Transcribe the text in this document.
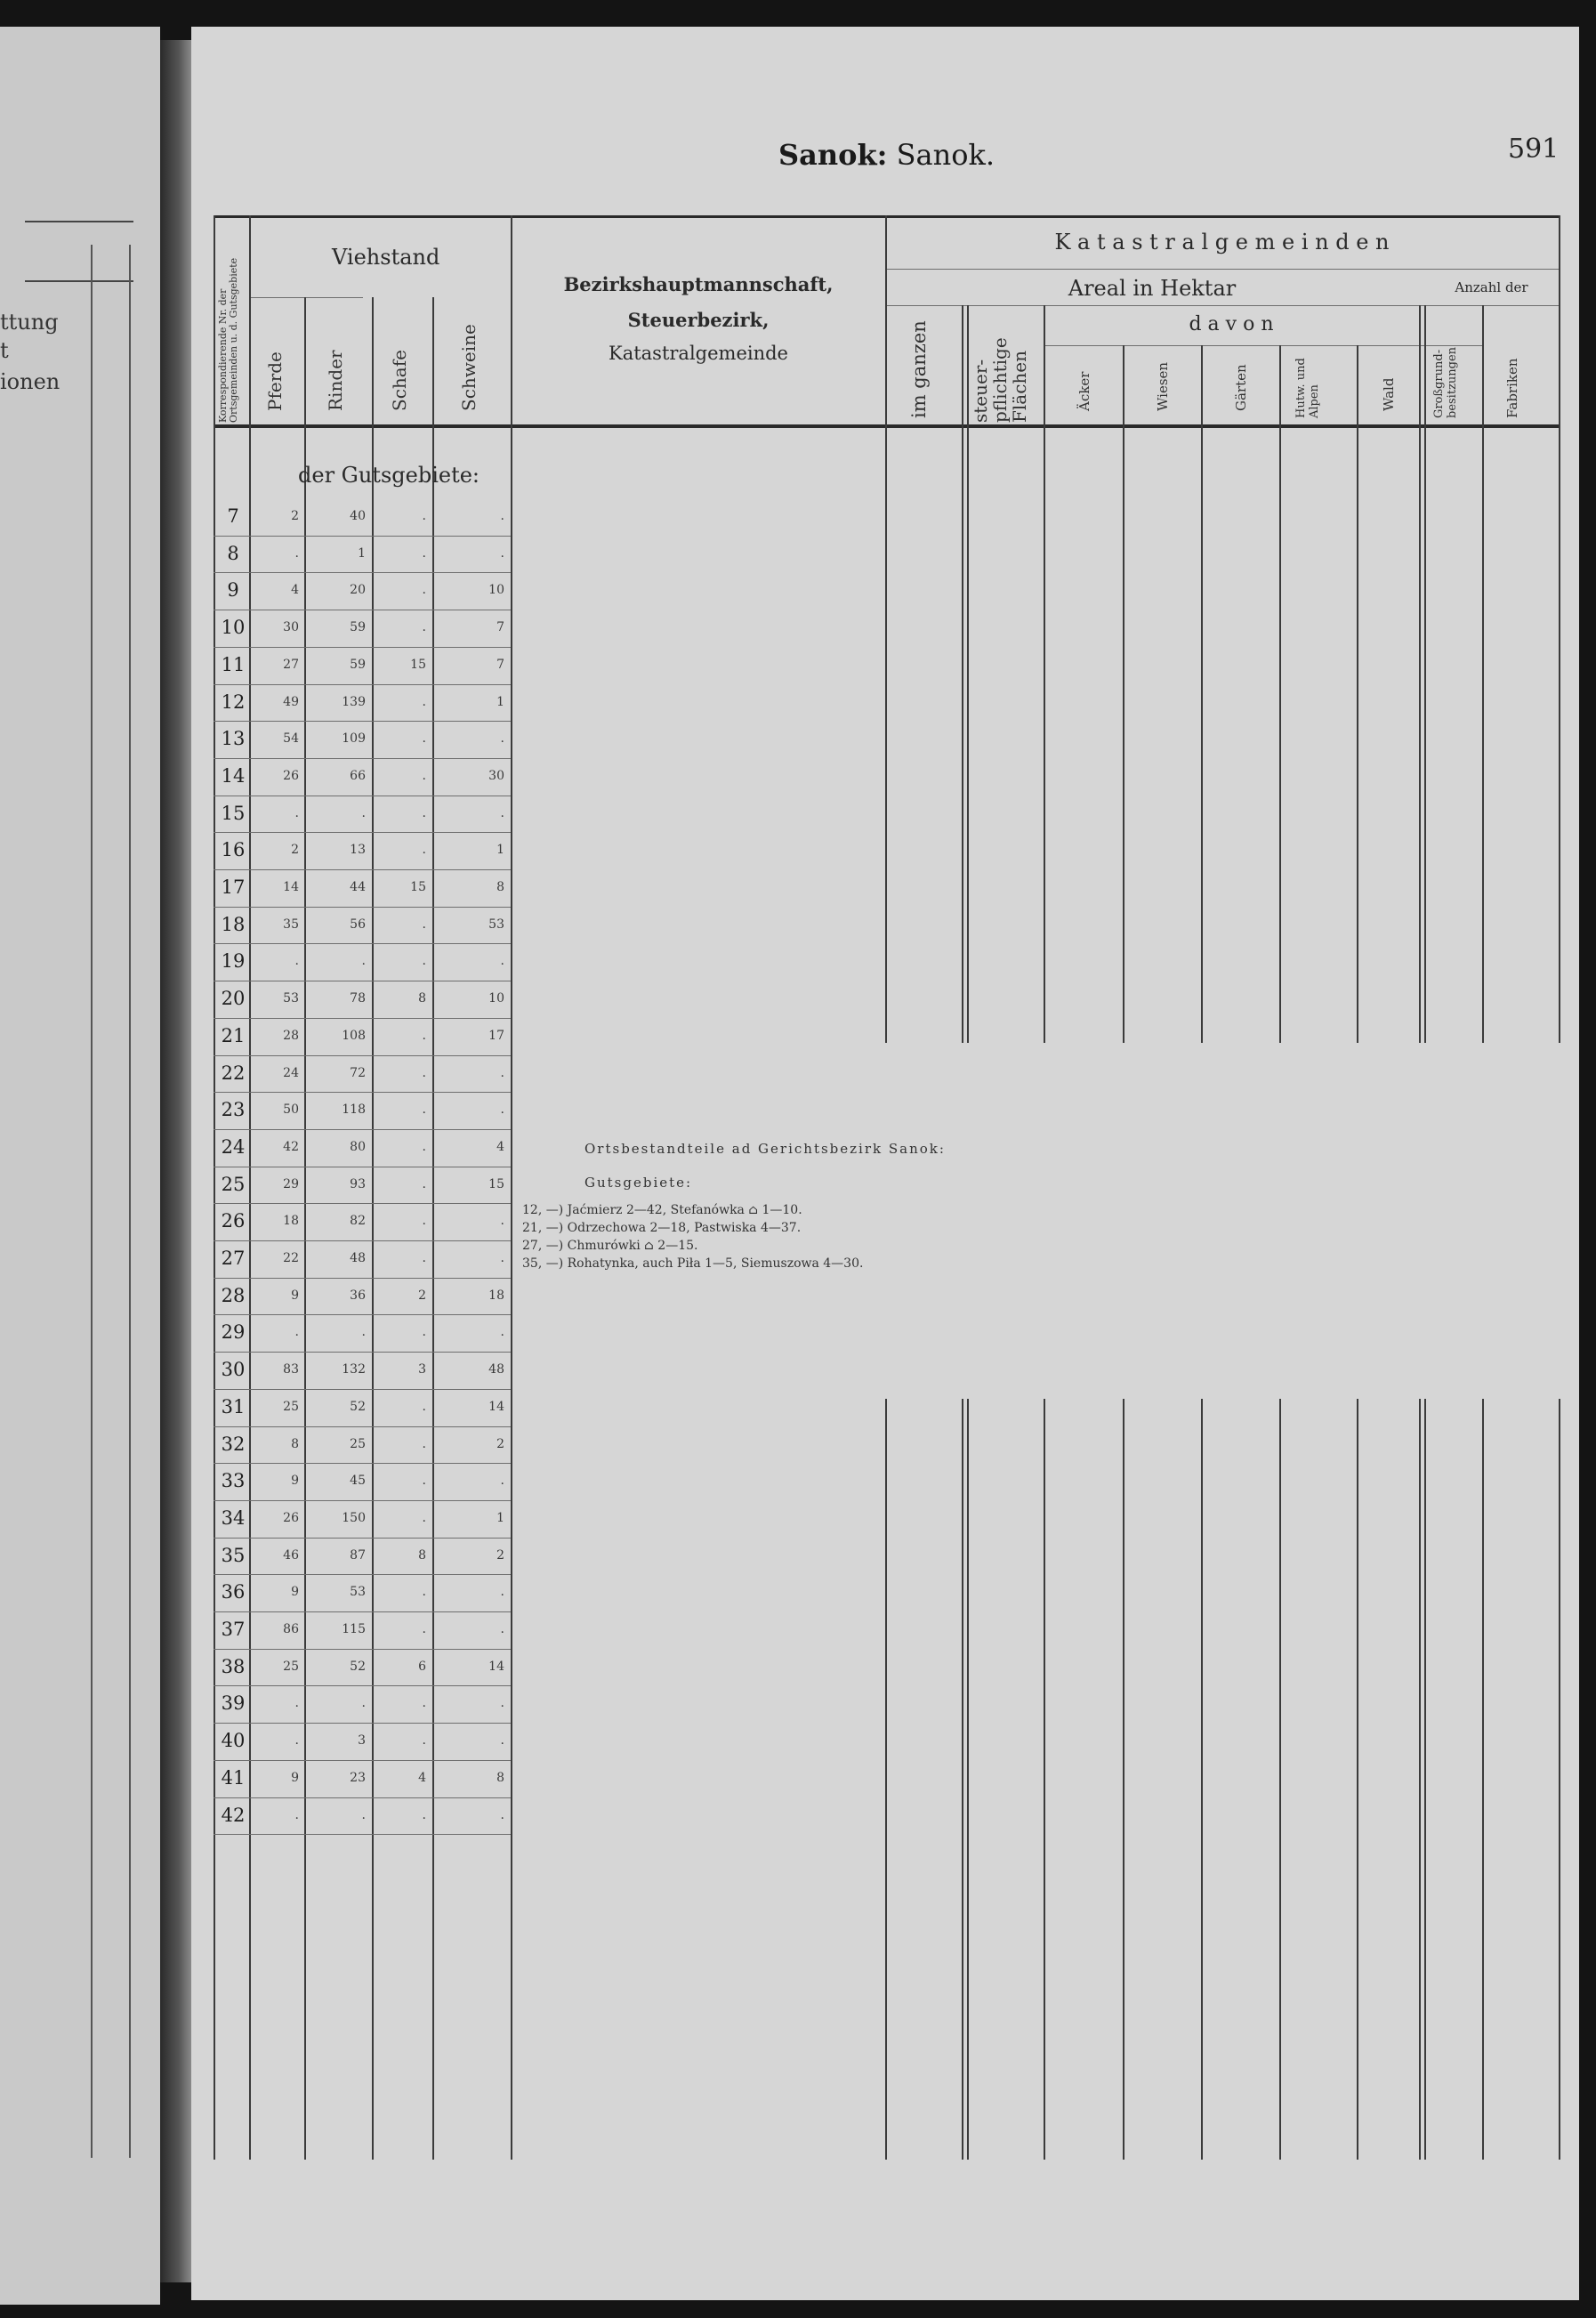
ttung
t
ionen
Sanok: Sanok.	591
Korrespondierende Nr. der Ortsgemeinden u. d. Gutsgebiete
Viehstand
Pferde Rinder Schafe	Schweine
Bezirkshauptmannschaft,
Steuerbezirk,
Katastralgemeinde
K a t a s t r a l g e m e i n d e n
Areal in Hektar	Anzahl der
d a v o n
im ganzen steuer-pflichtige Flächen	Äcker	Wiesen	Gärten	Hutw. und Alpen	Wald	Großgrund-besitzungen	Fabriken
der Gutsgebiete:
7	2	40	.	.
8	.	1	.	.
9	4	20	.	10
10	30	59	.	7
11	27	59	15	7
12	49	139	.	1
13	54	109	.	.
14	26	66	.	30
15	.	.	.	.
16	2	13	.	1
17	14	44	15	8
18	35	56	.	53
19	.	.	.	.
20	53	78	8	10
21	28	108	.	17
22	24	72	.	.
23	50	118	.	.
24	42	80	.	4
25	29	93	.	15
26	18	82	.	.
27	22	48	.	.
28	9	36	2	18
29	.	.	.	.
30	83	132	3	48
31	25	52	.	14
32	8	25	.	2
33	9	45	.	.
34	26	150	.	1
35	46	87	8	2
36	9	53	.	.
37	86	115	.	.
38	25	52	6	14
39	.	.	.	.
40	.	3	.	.
41	9	23	4	8
42	.	.	.	.
Ortsbestandteile ad Gerichtsbezirk Sanok:
Gutsgebiete:
12, —) Jaćmierz 2—42, Stefanówka ⌂ 1—10.
21, —) Odrzechowa 2—18, Pastwiska 4—37.
27, —) Chmurówki ⌂ 2—15.
35, —) Rohatynka, auch Piła 1—5, Siemuszowa 4—30.
